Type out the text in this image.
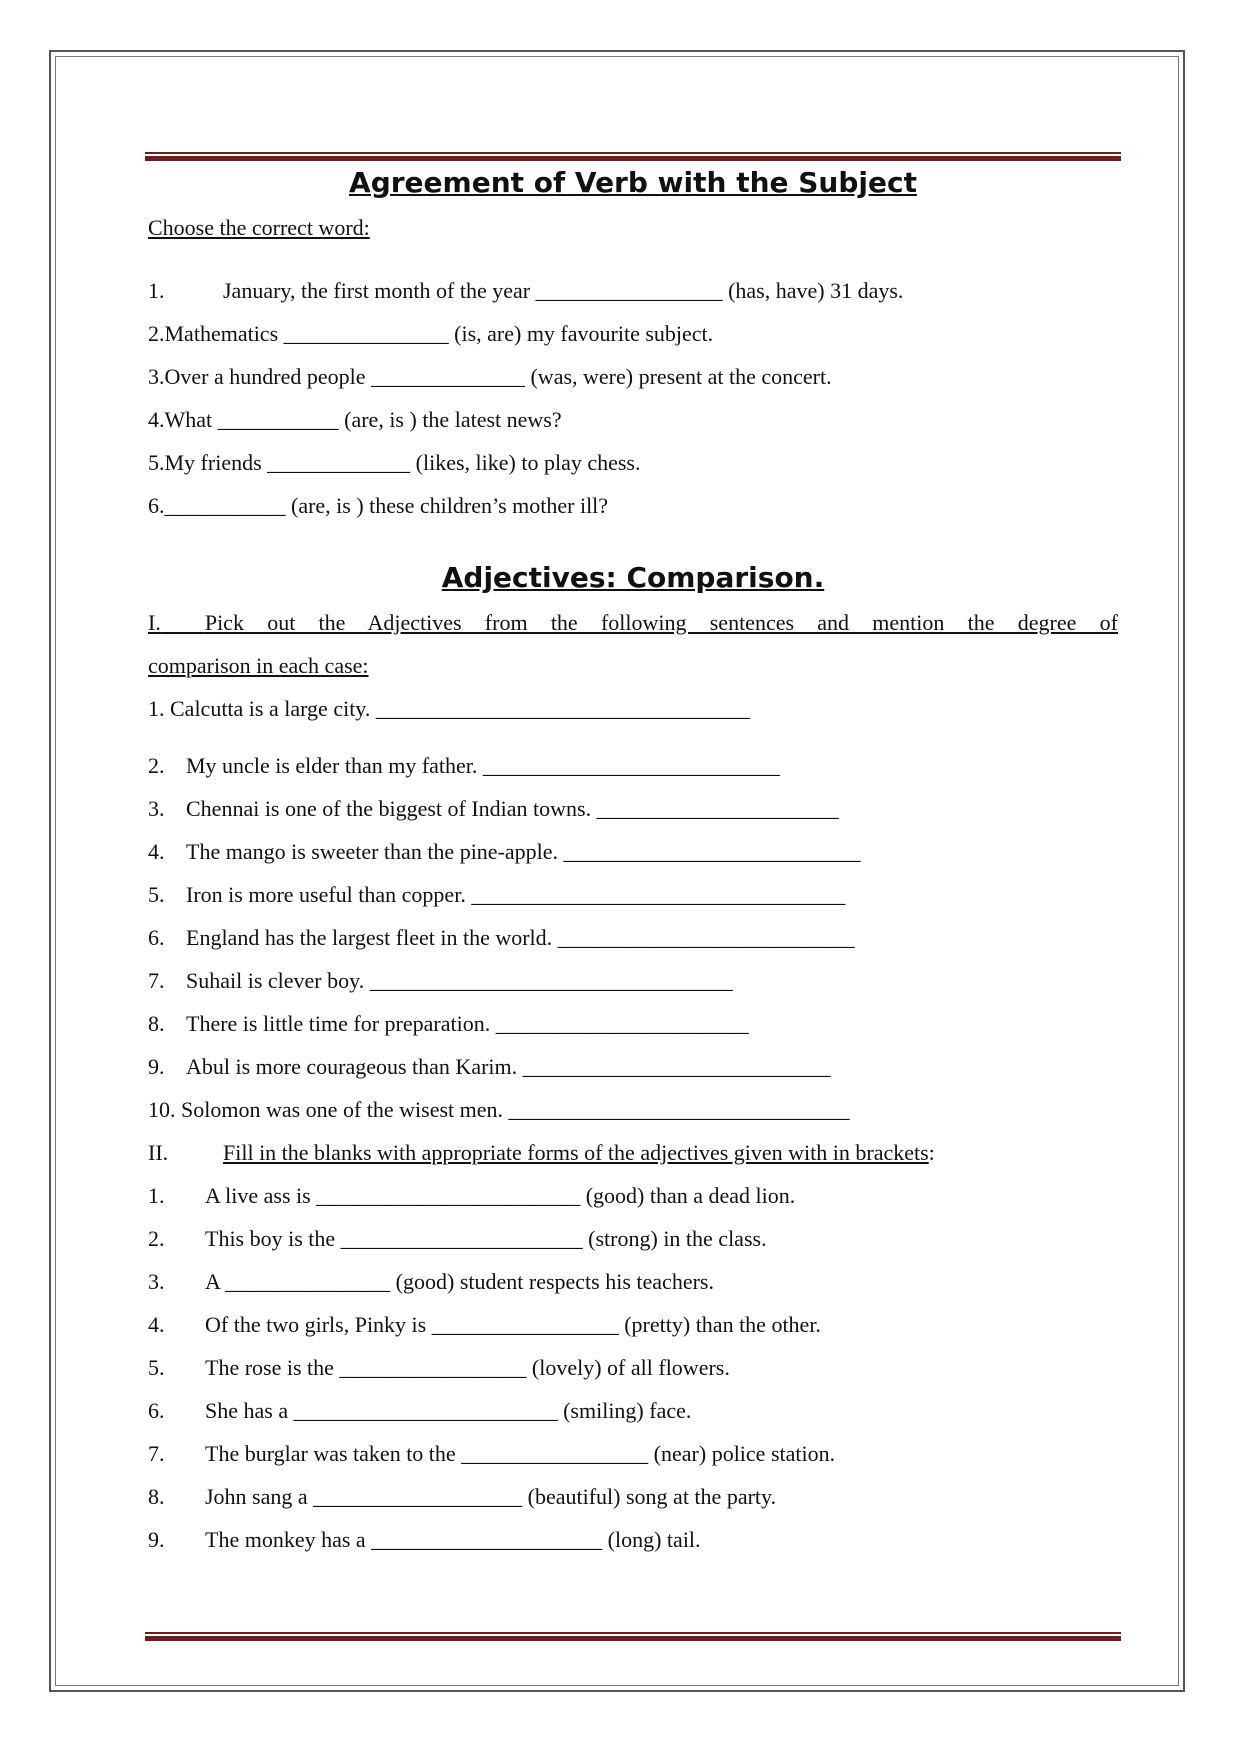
Agreement of Verb with the Subject

Choose the correct word:

1.	January, the first month of the year _________________ (has, have) 31 days.

2.Mathematics _______________ (is, are) my favourite subject.

3.Over a hundred people ______________ (was, were) present at the concert.

4.What ___________ (are, is ) the latest news?

5.My friends _____________ (likes, like) to play chess.

6.___________ (are, is ) these children’s mother ill?

Adjectives: Comparison.

I.   Pick out the Adjectives from the following sentences and mention the degree of

comparison in each case:

1. Calcutta is a large city. __________________________________

2. My uncle is elder than my father. ___________________________

3. Chennai is one of the biggest of Indian towns. ______________________

4. The mango is sweeter than the pine-apple. ___________________________

5. Iron is more useful than copper. __________________________________

6. England has the largest fleet in the world. ___________________________

7. Suhail is clever boy. _________________________________

8. There is little time for preparation. _______________________

9. Abul is more courageous than Karim. ____________________________

10. Solomon was one of the wisest men. _______________________________

II. Fill in the blanks with appropriate forms of the adjectives given with in brackets:

1. A live ass is ________________________ (good) than a dead lion.

2. This boy is the ______________________ (strong) in the class.

3. A _______________ (good) student respects his teachers.

4. Of the two girls, Pinky is _________________ (pretty) than the other.

5. The rose is the _________________ (lovely) of all flowers.

6. She has a ________________________ (smiling) face.

7. The burglar was taken to the _________________ (near) police station.

8. John sang a ___________________ (beautiful) song at the party.

9. The monkey has a _____________________ (long) tail.
